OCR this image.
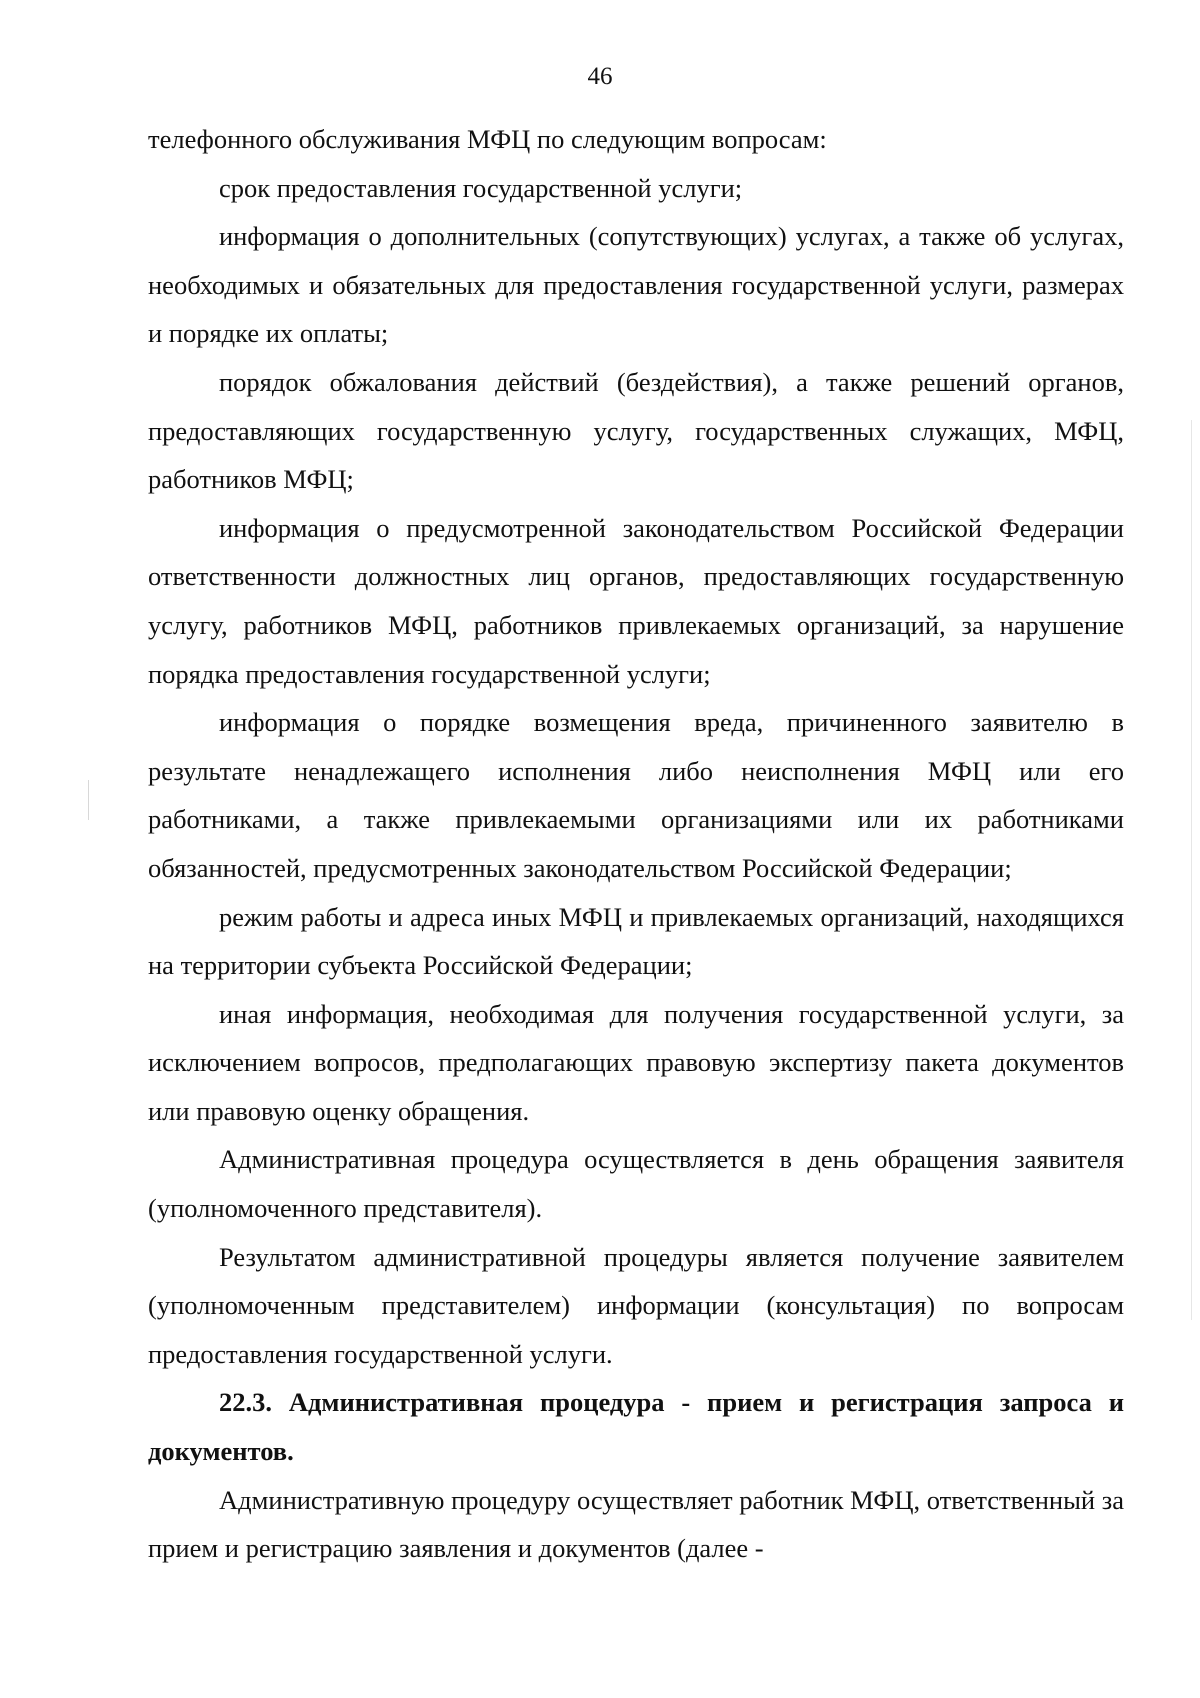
46

телефонного обслуживания МФЦ по следующим вопросам:

срок предоставления государственной услуги;

информация о дополнительных (сопутствующих) услугах, а также об услугах, необходимых и обязательных для предоставления государственной услуги, размерах и порядке их оплаты;

порядок обжалования действий (бездействия), а также решений органов, предоставляющих государственную услугу, государственных служащих, МФЦ, работников МФЦ;

информация о предусмотренной законодательством Российской Федерации ответственности должностных лиц органов, предоставляющих государственную услугу, работников МФЦ, работников привлекаемых организаций, за нарушение порядка предоставления государственной услуги;

информация о порядке возмещения вреда, причиненного заявителю в результате ненадлежащего исполнения либо неисполнения МФЦ или его работниками, а также привлекаемыми организациями или их работниками обязанностей, предусмотренных законодательством Российской Федерации;

режим работы и адреса иных МФЦ и привлекаемых организаций, находящихся на территории субъекта Российской Федерации;

иная информация, необходимая для получения государственной услуги, за исключением вопросов, предполагающих правовую экспертизу пакета документов или правовую оценку обращения.

Административная процедура осуществляется в день обращения заявителя (уполномоченного представителя).

Результатом административной процедуры является получение заявителем (уполномоченным представителем) информации (консультация) по вопросам предоставления государственной услуги.

22.3. Административная процедура - прием и регистрация запроса и документов.

Административную процедуру осуществляет работник МФЦ, ответственный за прием и регистрацию заявления и документов (далее -
